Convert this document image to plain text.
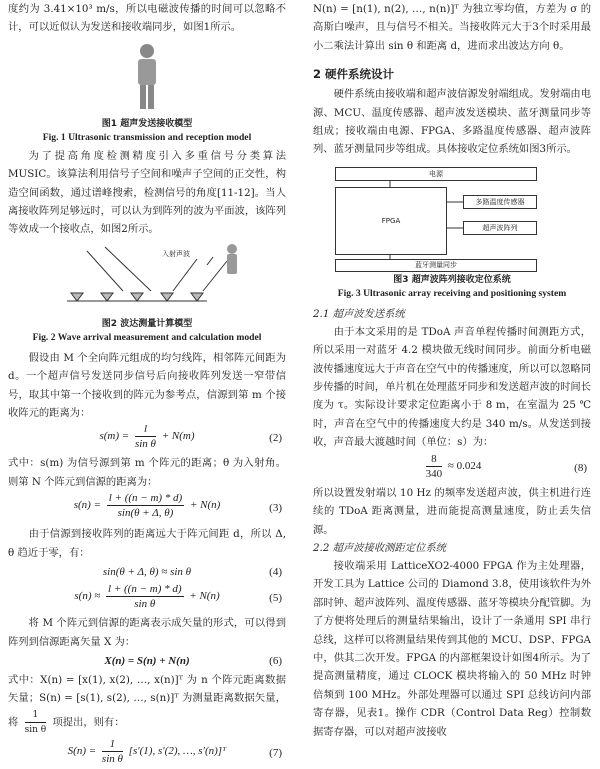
度约为 3.41×10³ m/s，所以电磁波传播的时间可以忽略不计，可以近似认为发送和接收端同步，如图1所示。

图1 超声发送接收模型
Fig. 1 Ultrasonic transmission and reception model

为了提高角度检测精度引入多重信号分类算法 MUSIC。该算法利用信号子空间和噪声子空间的正交性，构造空间函数，通过谱峰搜索，检测信号的角度[11-12]。当人离接收阵列足够远时，可以认为到阵列的波为平面波，该阵列等效成一个接收点，如图2所示。

入射声波
图2 波达测量计算模型
Fig. 2 Wave arrival measurement and calculation model

假设由 M 个全向阵元组成的均匀线阵，相邻阵元间距为 d。一个超声信号发送同步信号后向接收阵列发送一窄带信号，取其中第一个接收到的阵元为参考点，信源到第 m 个接收阵元的距离为：

$s(m) = \frac{l}{\text{sin θ}} + N(m)$	(2)

式中：s(m) 为信号源到第 m 个阵元的距离；θ 为入射角。则第 N 个阵元到信源的距离为：

$s(n) = \frac{l + ((n - m) * d)}{\sin(\theta + \Delta, \theta)} + N(n)$	(3)

由于信源到接收阵列的距离远大于阵元间距 d，所以 Δ, θ 趋近于零，有：

sin(θ + Δ, θ) ≈ sin θ	(4)
$s(n) \approx \frac{l + ((n - m) * d)}{\text{sin θ}} + N(n)$	(5)

将 M 个阵元到信源的距离表示成矢量的形式，可以得到阵列到信源距离矢量 X 为：

X(n) = S(n) + N(n)	(6)

式中：X(n) = [x(1), x(2), …, x(n)]ᵀ 为 n 个阵元距离数据矢量；S(n) = [s(1), s(2), …, s(n)]ᵀ 为测量距离数据矢量，将 $\frac{1}{\text{sin θ}}$ 项提出，则有：

$S(n) = \frac{1}{\text{sin θ}} [s'(1)$, s′(2), …, s′(n)]ᵀ	(7)

N(n) = [n(1), n(2), …, n(n)]ᵀ 为独立零均值，方差为 σ 的高斯白噪声，且与信号不相关。当接收阵元大于3个时采用最小二乘法计算出 sin θ 和距离 d，进而求出波达方向 θ。

2 硬件系统设计

硬件系统由接收端和超声波信源发射端组成。发射端由电源、MCU、温度传感器、超声波发送模块、蓝牙测量同步等组成；接收端由电源、FPGA、多路温度传感器、超声波阵列、蓝牙测量同步等组成。具体接收定位系统如图3所示。

电源
FPGA
多路温度传感器
超声波阵列
蓝牙测量同步
图3 超声波阵列接收定位系统
Fig. 3 Ultrasonic array receiving and positioning system
2.1 超声波发送系统

由于本文采用的是 TDoA 声音单程传播时间测距方式，所以采用一对蓝牙 4.2 模块做无线时间同步。前面分析电磁波传播速度远大于声音在空气中的传播速度，所以可以忽略同步传播的时间，单片机在处理蓝牙同步和发送超声波的时间长度为 τ。实际设计要求定位距离小于 8 m，在室温为 25 ℃时，声音在空气中的传播速度大约是 340 m/s。从发送到接收，声音最大渡越时间（单位：s）为：

$\frac{8}{340} \approx 0.024$	(8)

所以设置发射端以 10 Hz 的频率发送超声波，供主机进行连续的 TDoA 距离测量，进而能提高测量速度，防止丢失信源。

2.2 超声波接收测距定位系统

接收端采用 LatticeXO2-4000 FPGA 作为主处理器，开发工具为 Lattice 公司的 Diamond 3.8，使用该软件为外部时钟、超声波阵列、温度传感器、蓝牙等模块分配管脚。为了方便将处理后的测量结果输出，设计了一条通用 SPI 串行总线，这样可以将测量结果传到其他的 MCU、DSP、FPGA 中，供其二次开发。FPGA 的内部框架设计如图4所示。为了提高测量精度，通过 CLOCK 模块将输入的 50 MHz 时钟倍频到 100 MHz。外部处理器可以通过 SPI 总线访问内部寄存器，见表1。操作 CDR（Control Data Reg）控制数据寄存器，可以对超声波接收
